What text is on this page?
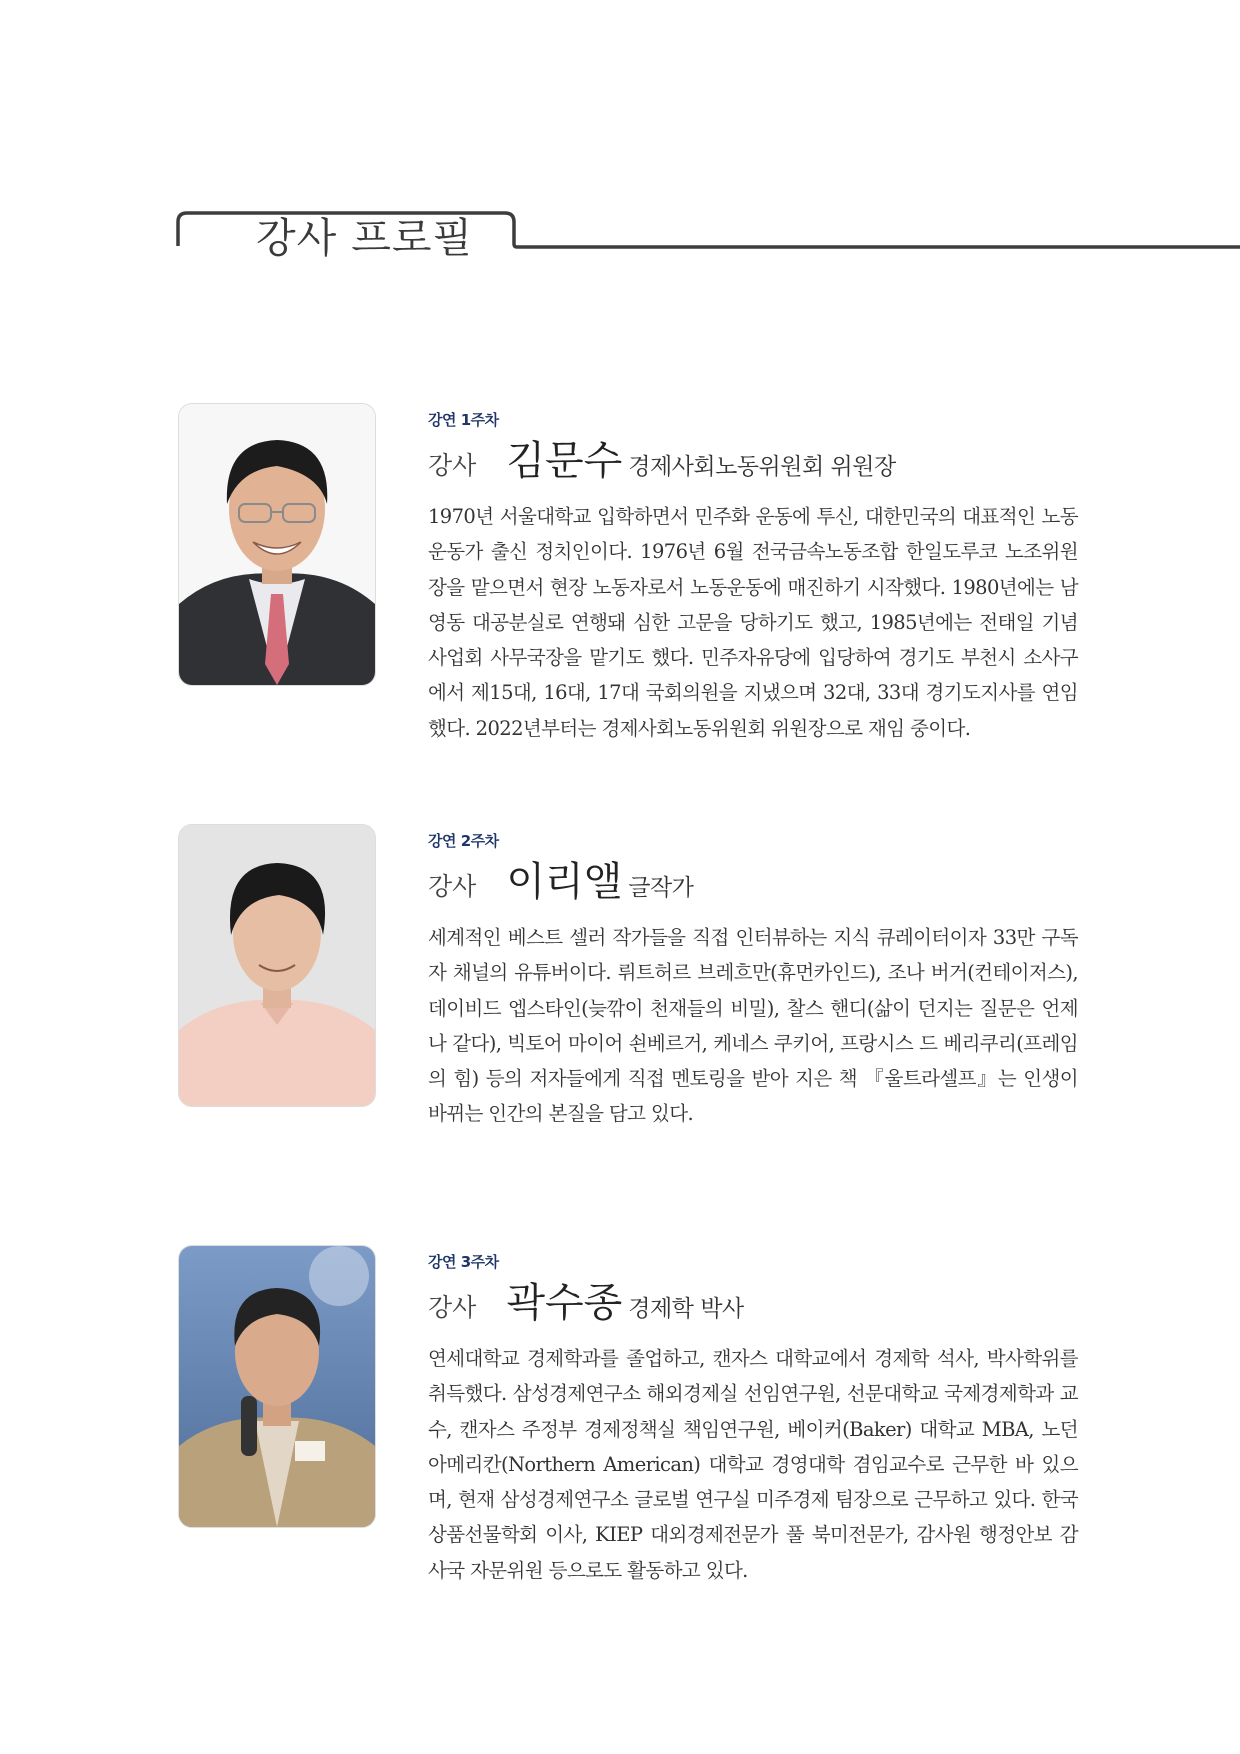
강사 프로필
강연 1주차
강사 김문수 경제사회노동위원회 위원장

1970년 서울대학교 입학하면서 민주화 운동에 투신, 대한민국의 대표적인 노동운동가 출신 정치인이다. 1976년 6월 전국금속노동조합 한일도루코 노조위원장을 맡으면서 현장 노동자로서 노동운동에 매진하기 시작했다. 1980년에는 남영동 대공분실로 연행돼 심한 고문을 당하기도 했고, 1985년에는 전태일 기념사업회 사무국장을 맡기도 했다. 민주자유당에 입당하여 경기도 부천시 소사구에서 제15대, 16대, 17대 국회의원을 지냈으며 32대, 33대 경기도지사를 연임했다. 2022년부터는 경제사회노동위원회 위원장으로 재임 중이다.

강연 2주차
강사 이리앨 글작가

세계적인 베스트 셀러 작가들을 직접 인터뷰하는 지식 큐레이터이자 33만 구독자 채널의 유튜버이다. 뤼트허르 브레흐만(휴먼카인드), 조나 버거(컨테이저스), 데이비드 엡스타인(늦깎이 천재들의 비밀), 찰스 핸디(삶이 던지는 질문은 언제나 같다), 빅토어 마이어 쇤베르거, 케네스 쿠키어, 프랑시스 드 베리쿠리(프레임의 힘) 등의 저자들에게 직접 멘토링을 받아 지은 책 『울트라셀프』는 인생이 바뀌는 인간의 본질을 담고 있다.

강연 3주차
강사 곽수종 경제학 박사

연세대학교 경제학과를 졸업하고, 캔자스 대학교에서 경제학 석사, 박사학위를 취득했다. 삼성경제연구소 해외경제실 선임연구원, 선문대학교 국제경제학과 교수, 캔자스 주정부 경제정책실 책임연구원, 베이커(Baker) 대학교 MBA, 노던 아메리칸(Northern American) 대학교 경영대학 겸임교수로 근무한 바 있으며, 현재 삼성경제연구소 글로벌 연구실 미주경제 팀장으로 근무하고 있다. 한국 상품선물학회 이사, KIEP 대외경제전문가 풀 북미전문가, 감사원 행정안보 감사국 자문위원 등으로도 활동하고 있다.
